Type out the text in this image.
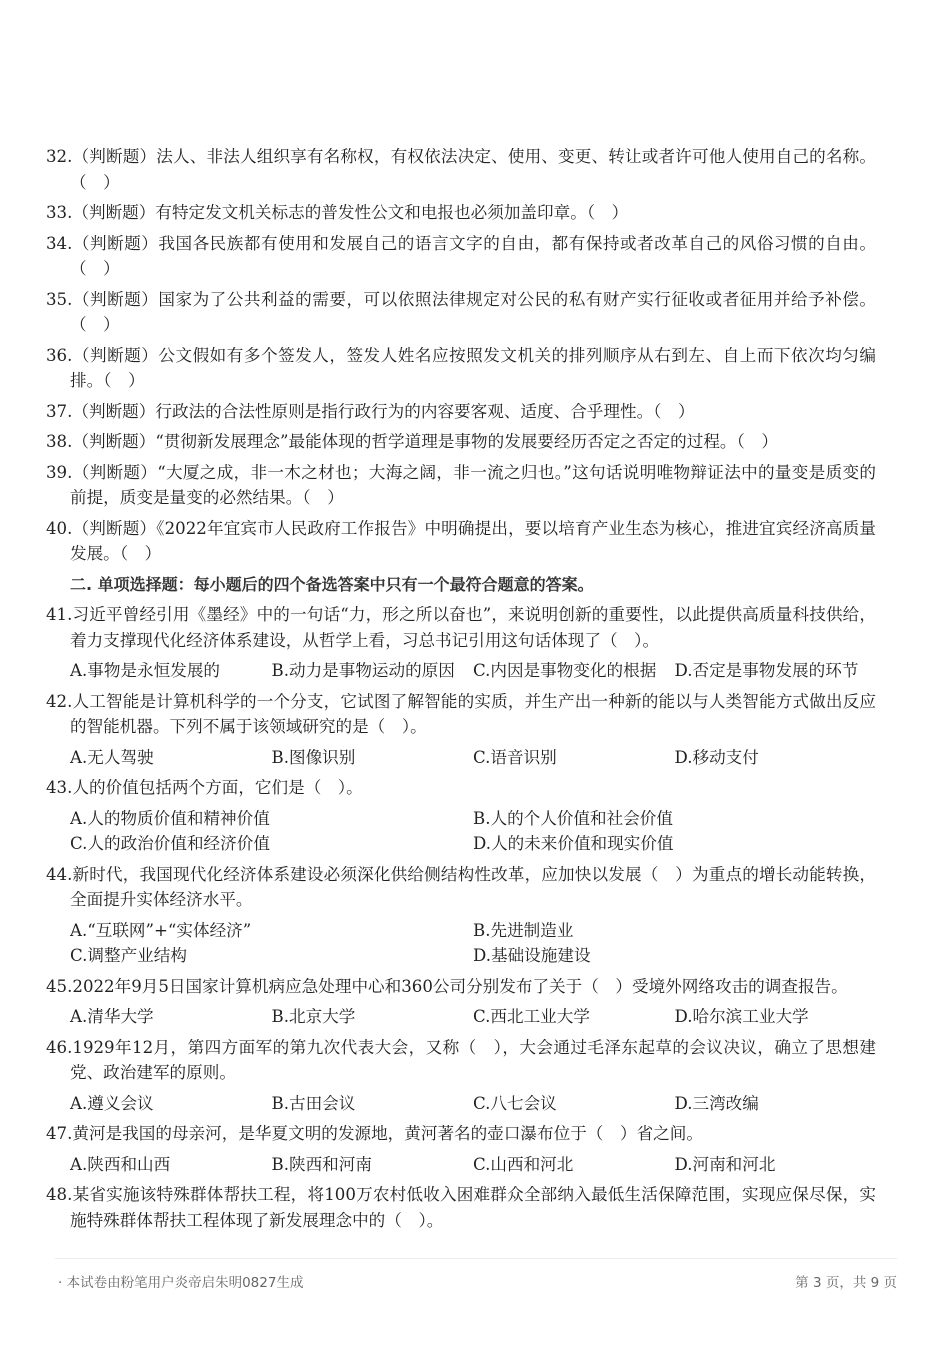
32.（判断题）法人、非法人组织享有名称权，有权依法决定、使用、变更、转让或者许可他人使用自己的名称。（　）
33.（判断题）有特定发文机关标志的普发性公文和电报也必须加盖印章。（　）
34.（判断题）我国各民族都有使用和发展自己的语言文字的自由，都有保持或者改革自己的风俗习惯的自由。（　）
35.（判断题）国家为了公共利益的需要，可以依照法律规定对公民的私有财产实行征收或者征用并给予补偿。（　）
36.（判断题）公文假如有多个签发人，签发人姓名应按照发文机关的排列顺序从右到左、自上而下依次均匀编排。（　）
37.（判断题）行政法的合法性原则是指行政行为的内容要客观、适度、合乎理性。（　）
38.（判断题）“贯彻新发展理念”最能体现的哲学道理是事物的发展要经历否定之否定的过程。（　）
39.（判断题）“大厦之成，非一木之材也；大海之阔，非一流之归也。”这句话说明唯物辩证法中的量变是质变的前提，质变是量变的必然结果。（　）
40.（判断题）《2022年宜宾市人民政府工作报告》中明确提出，要以培育产业生态为核心，推进宜宾经济高质量发展。（　）
二. 单项选择题：每小题后的四个备选答案中只有一个最符合题意的答案。
41.习近平曾经引用《墨经》中的一句话“力，形之所以奋也”，来说明创新的重要性，以此提供高质量科技供给，着力支撑现代化经济体系建设，从哲学上看，习总书记引用这句话体现了（　）。
A.事物是永恒发展的	B.动力是事物运动的原因	C.内因是事物变化的根据	D.否定是事物发展的环节
42.人工智能是计算机科学的一个分支，它试图了解智能的实质，并生产出一种新的能以与人类智能方式做出反应的智能机器。下列不属于该领域研究的是（　）。
A.无人驾驶	B.图像识别	C.语音识别	D.移动支付
43.人的价值包括两个方面，它们是（　）。
A.人的物质价值和精神价值	B.人的个人价值和社会价值
C.人的政治价值和经济价值	D.人的未来价值和现实价值
44.新时代，我国现代化经济体系建设必须深化供给侧结构性改革，应加快以发展（　）为重点的增长动能转换，全面提升实体经济水平。
A.“互联网”+“实体经济”	B.先进制造业
C.调整产业结构	D.基础设施建设
45.2022年9月5日国家计算机病应急处理中心和360公司分别发布了关于（　）受境外网络攻击的调查报告。
A.清华大学	B.北京大学	C.西北工业大学	D.哈尔滨工业大学
46.1929年12月，第四方面军的第九次代表大会，又称（　），大会通过毛泽东起草的会议决议，确立了思想建党、政治建军的原则。
A.遵义会议	B.古田会议	C.八七会议	D.三湾改编
47.黄河是我国的母亲河，是华夏文明的发源地，黄河著名的壶口瀑布位于（　）省之间。
A.陕西和山西	B.陕西和河南	C.山西和河北	D.河南和河北
48.某省实施该特殊群体帮扶工程，将100万农村低收入困难群众全部纳入最低生活保障范围，实现应保尽保，实施特殊群体帮扶工程体现了新发展理念中的（　）。
· 本试卷由粉笔用户炎帝启朱明0827生成	第 3 页，共 9 页
